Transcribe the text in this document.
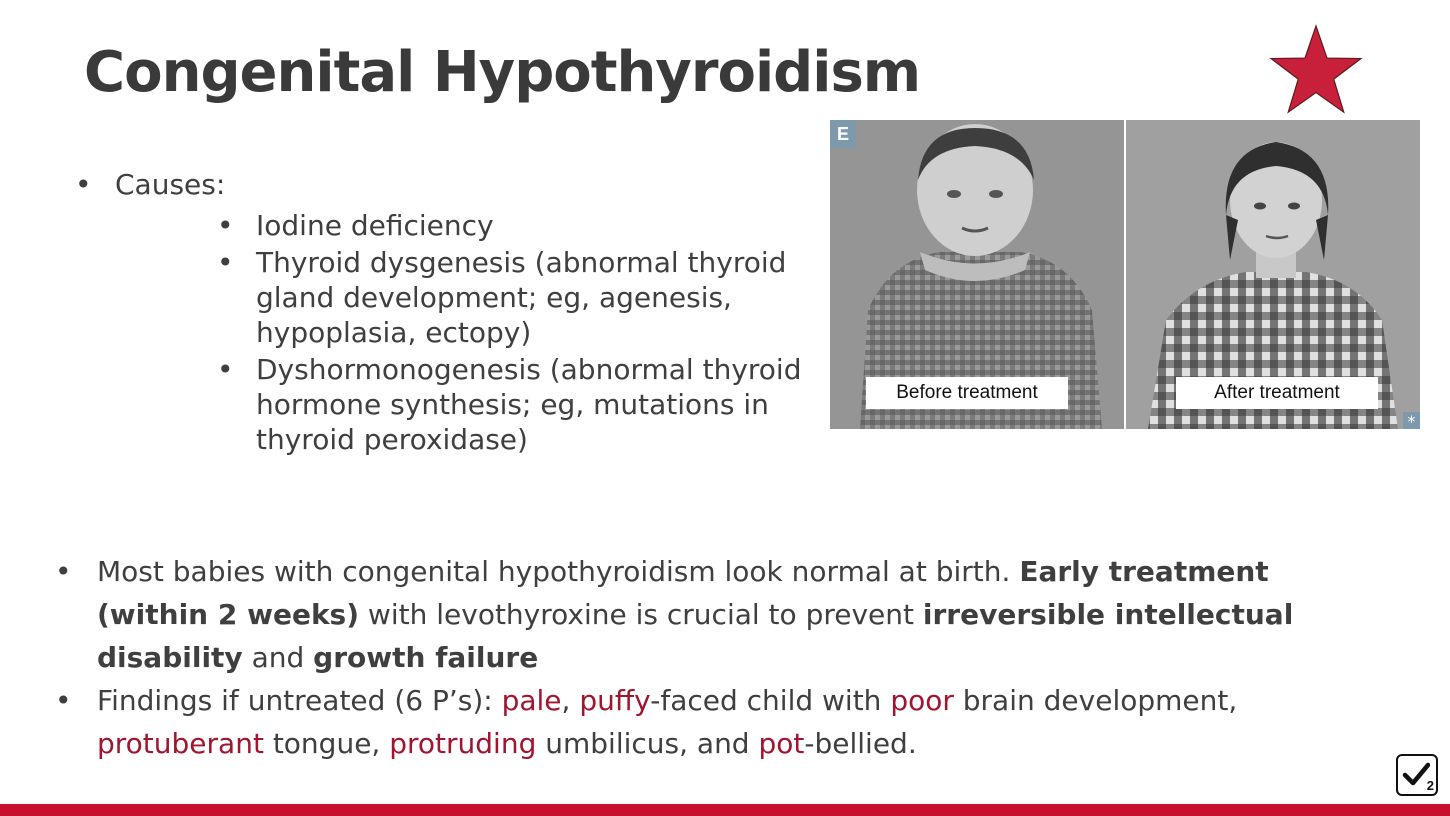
Congenital Hypothyroidism
• Causes:
• Iodine deficiency
• Thyroid dysgenesis (abnormal thyroid gland development; eg, agenesis, hypoplasia, ectopy)
• Dyshormonogenesis (abnormal thyroid hormone synthesis; eg, mutations in thyroid peroxidase)
Before treatment	After treatment
E
*
• Most babies with congenital hypothyroidism look normal at birth. Early treatment (within 2 weeks) with levothyroxine is crucial to prevent irreversible intellectual disability and growth failure
• Findings if untreated (6 P’s): pale, puffy-faced child with poor brain development, protuberant tongue, protruding umbilicus, and pot-bellied.
2
